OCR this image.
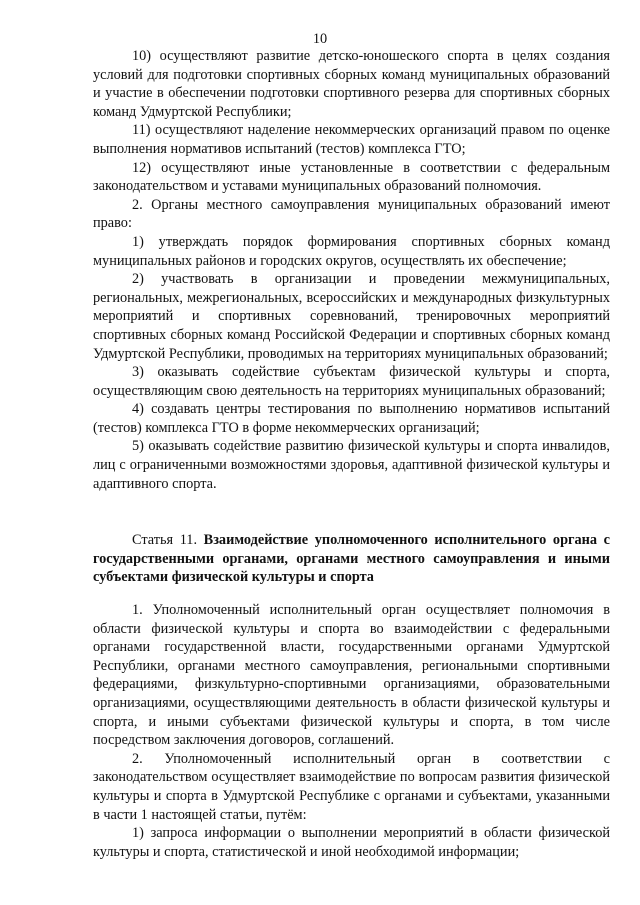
10

10) осуществляют развитие детско-юношеского спорта в целях создания условий для подготовки спортивных сборных команд муниципальных образований и участие в обеспечении подготовки спортивного резерва для спортивных сборных команд Удмуртской Республики;

11) осуществляют наделение некоммерческих организаций правом по оценке выполнения нормативов испытаний (тестов) комплекса ГТО;

12) осуществляют иные установленные в соответствии с федеральным законодательством и уставами муниципальных образований полномочия.

2. Органы местного самоуправления муниципальных образований имеют право:

1) утверждать порядок формирования спортивных сборных команд муниципальных районов и городских округов, осуществлять их обеспечение;

2) участвовать в организации и проведении межмуниципальных, региональных, межрегиональных, всероссийских и международных физкультурных мероприятий и спортивных соревнований, тренировочных мероприятий спортивных сборных команд Российской Федерации и спортивных сборных команд Удмуртской Республики, проводимых на территориях муниципальных образований;

3) оказывать содействие субъектам физической культуры и спорта, осуществляющим свою деятельность на территориях муниципальных образований;

4) создавать центры тестирования по выполнению нормативов испытаний (тестов) комплекса ГТО в форме некоммерческих организаций;

5) оказывать содействие развитию физической культуры и спорта инвалидов, лиц с ограниченными возможностями здоровья, адаптивной физической культуры и адаптивного спорта.

Статья 11. Взаимодействие уполномоченного исполнительного органа с государственными органами, органами местного самоуправления и иными субъектами физической культуры и спорта

1. Уполномоченный исполнительный орган осуществляет полномочия в области физической культуры и спорта во взаимодействии с федеральными органами государственной власти, государственными органами Удмуртской Республики, органами местного самоуправления, региональными спортивными федерациями, физкультурно-спортивными организациями, образовательными организациями, осуществляющими деятельность в области физической культуры и спорта, и иными субъектами физической культуры и спорта, в том числе посредством заключения договоров, соглашений.

2. Уполномоченный исполнительный орган в соответствии с законодательством осуществляет взаимодействие по вопросам развития физической культуры и спорта в Удмуртской Республике с органами и субъектами, указанными в части 1 настоящей статьи, путём:

1) запроса информации о выполнении мероприятий в области физической культуры и спорта, статистической и иной необходимой информации;
